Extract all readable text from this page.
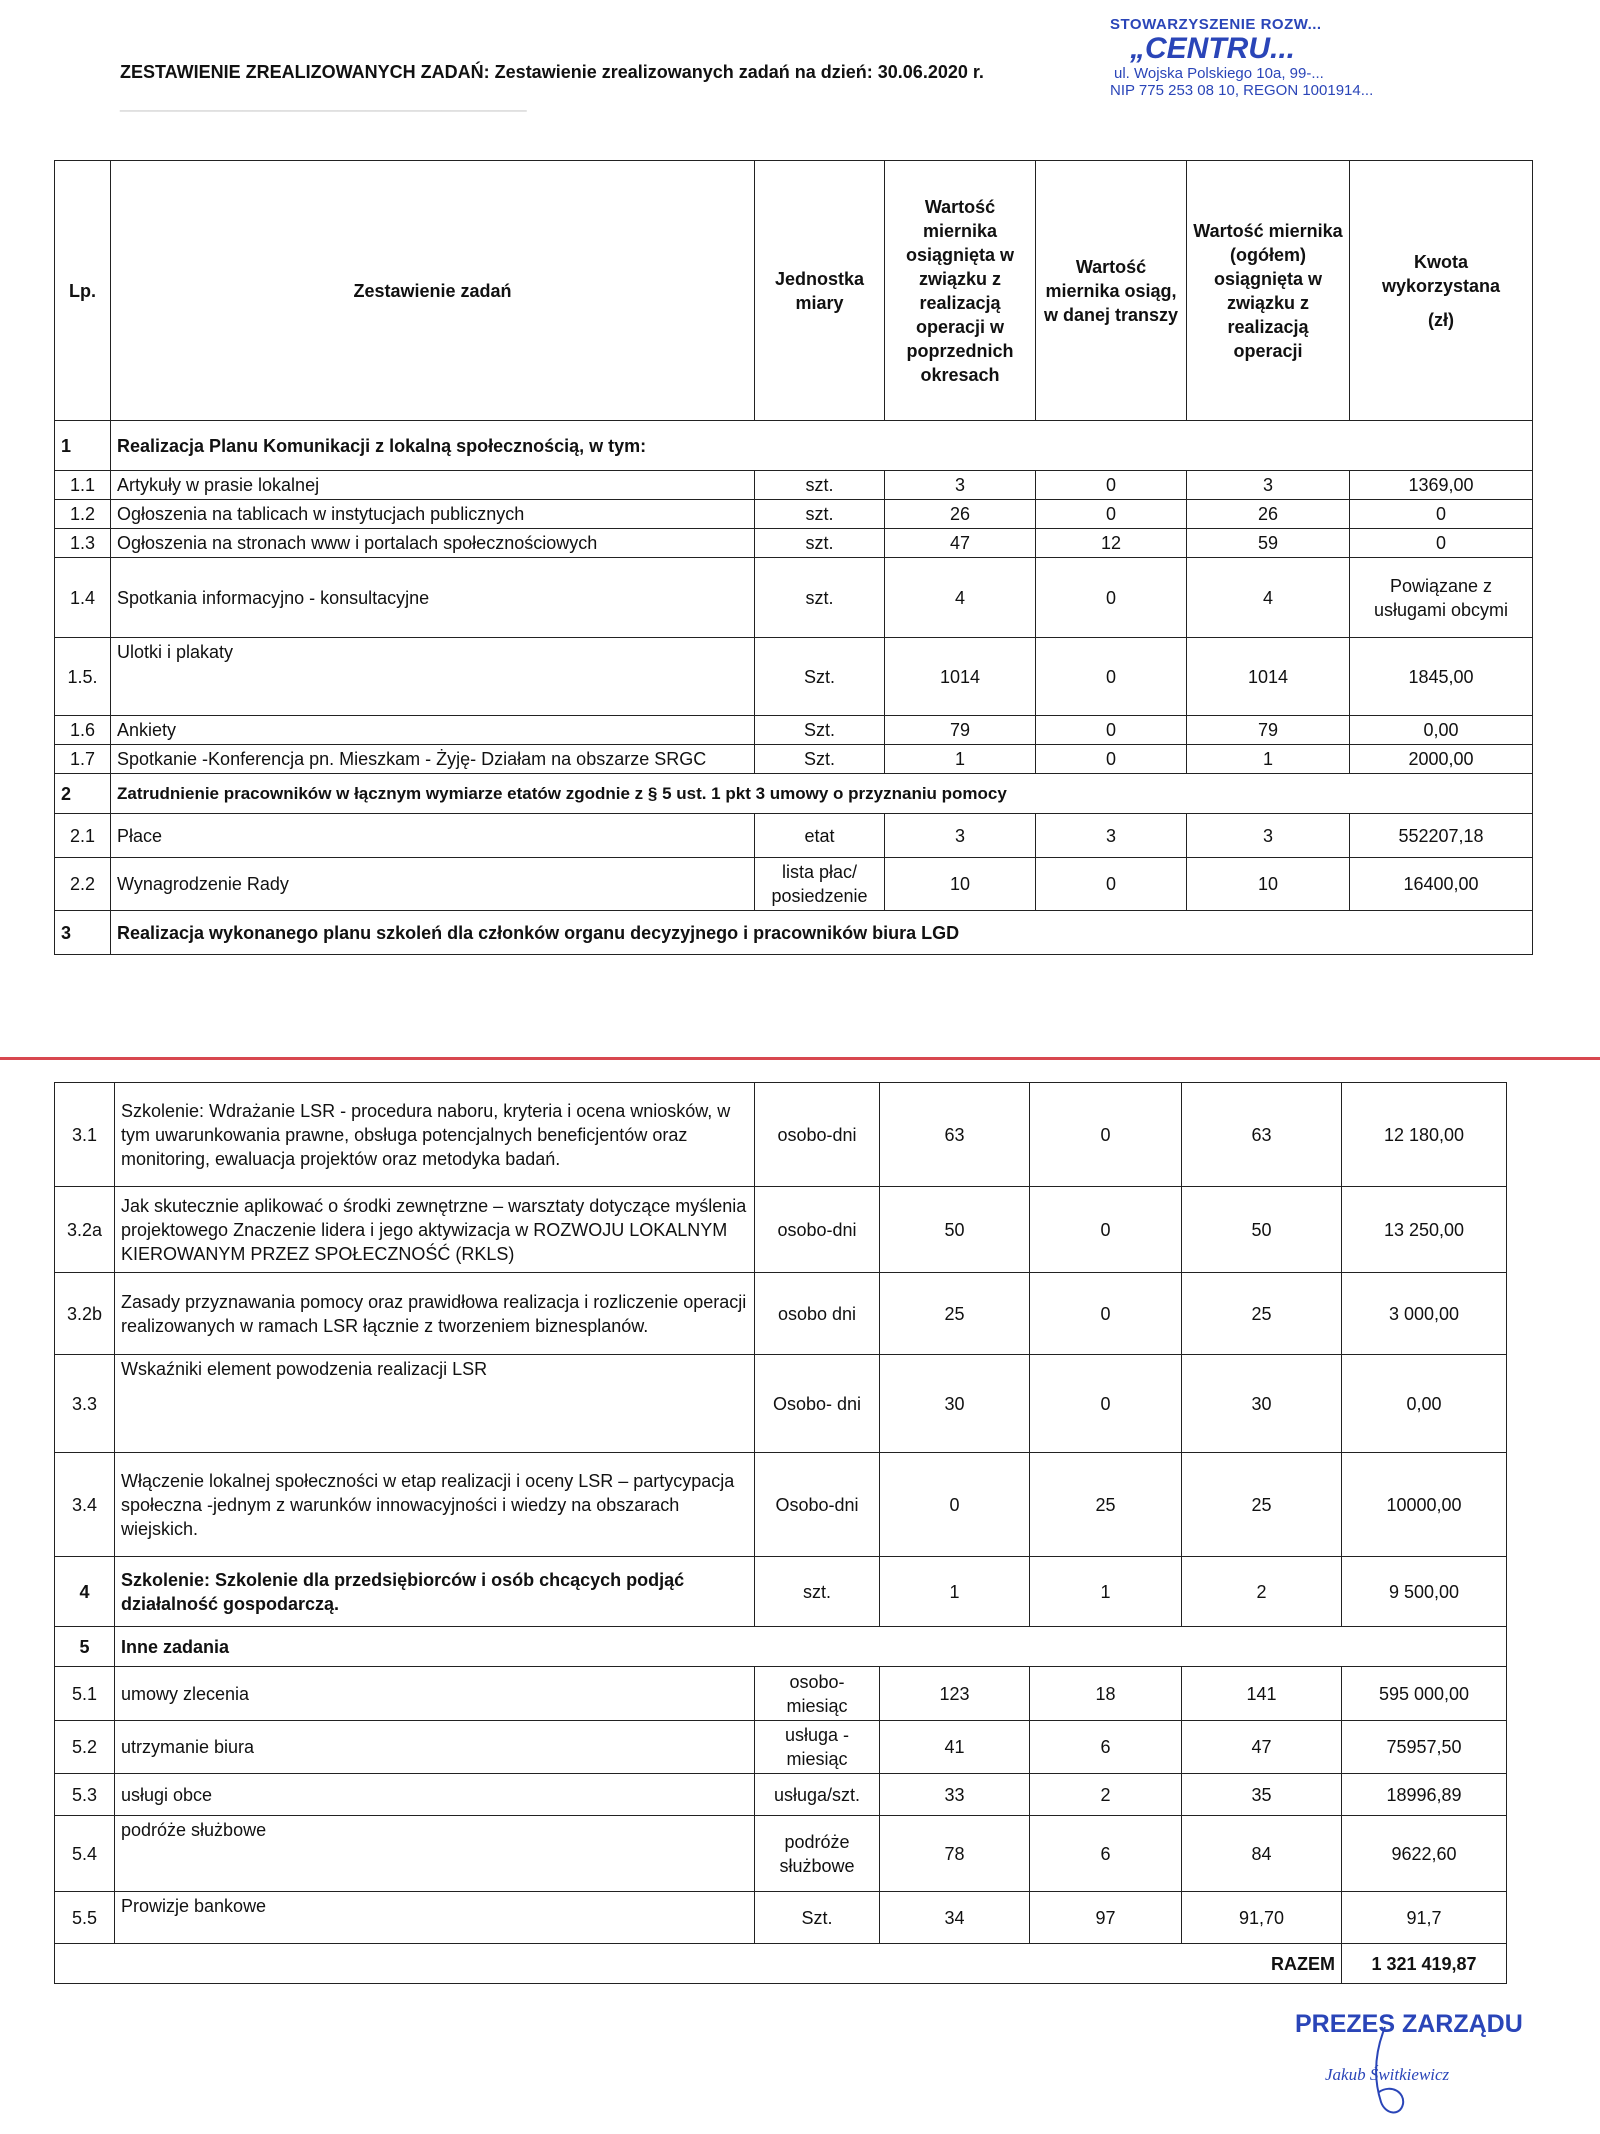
___________________________________________
ZESTAWIENIE ZREALIZOWANYCH ZADAŃ: Zestawienie zrealizowanych zadań na dzień: 30.06.2020 r.
STOWARZYSZENIE ROZW...
„CENTRU...
ul. Wojska Polskiego 10a, 99-...
NIP 775 253 08 10, REGON 1001914...
Lp.	Zestawienie zadań	Jednostka miary	Wartość miernika osiągnięta w związku z realizacją operacji w poprzednich okresach	Wartość miernika osiąg, w danej transzy	Wartość miernika (ogółem) osiągnięta w związku z realizacją operacji	Kwota wykorzystana
(zł)

1	Realizacja Planu Komunikacji z lokalną społecznością, w tym:					
1.1	Artykuły w prasie lokalnej	szt.	3	0	3	1369,00
1.2	Ogłoszenia na tablicach w instytucjach publicznych	szt.	26	0	26	0
1.3	Ogłoszenia na stronach www i portalach społecznościowych	szt.	47	12	59	0
1.4	Spotkania informacyjno - konsultacyjne	szt.	4	0	4	Powiązane z usługami obcymi
1.5.	Ulotki i plakaty	Szt.	1014	0	1014	1845,00
1.6	Ankiety	Szt.	79	0	79	0,00
1.7	Spotkanie -Konferencja pn. Mieszkam - Żyję- Działam na obszarze SRGC	Szt.	1	0	1	2000,00
2	Zatrudnienie pracowników w łącznym wymiarze etatów zgodnie z § 5 ust. 1 pkt 3 umowy o przyznaniu pomocy					
2.1	Płace	etat	3	3	3	552207,18
2.2	Wynagrodzenie Rady	lista płac/ posiedzenie	10	0	10	16400,00
3	Realizacja wykonanego planu szkoleń dla członków organu decyzyjnego i pracowników biura LGD					
3.1	Szkolenie: Wdrażanie LSR - procedura naboru, kryteria i ocena wniosków, w tym uwarunkowania prawne, obsługa potencjalnych beneficjentów oraz monitoring, ewaluacja projektów oraz metodyka badań.	osobo-dni	63	0	63	12 180,00
3.2a	Jak skutecznie aplikować o środki zewnętrzne – warsztaty dotyczące myślenia projektowego Znaczenie lidera i jego aktywizacja w ROZWOJU LOKALNYM KIEROWANYM PRZEZ SPOŁECZNOŚĆ (RKLS)	osobo-dni	50	0	50	13 250,00
3.2b	Zasady przyznawania pomocy oraz prawidłowa realizacja i rozliczenie operacji realizowanych w ramach LSR łącznie z tworzeniem biznesplanów.	osobo dni	25	0	25	3 000,00
3.3	Wskaźniki element powodzenia realizacji LSR	Osobo- dni	30	0	30	0,00
3.4	Włączenie lokalnej społeczności w etap realizacji i oceny LSR – partycypacja społeczna -jednym z warunków innowacyjności i wiedzy na obszarach wiejskich.	Osobo-dni	0	25	25	10000,00
4	Szkolenie: Szkolenie dla przedsiębiorców i osób chcących podjąć działalność gospodarczą.	szt.	1	1	2	9 500,00
5	Inne zadania					
5.1	umowy zlecenia	osobo-miesiąc	123	18	141	595 000,00
5.2	utrzymanie biura	usługa - miesiąc	41	6	47	75957,50
5.3	usługi obce	usługa/szt.	33	2	35	18996,89
5.4	podróże służbowe	podróże służbowe	78	6	84	9622,60
5.5	Prowizje bankowe	Szt.	34	97	91,70	91,7
RAZEM						1 321 419,87
PREZES ZARZĄDU
Jakub Świtkiewicz
